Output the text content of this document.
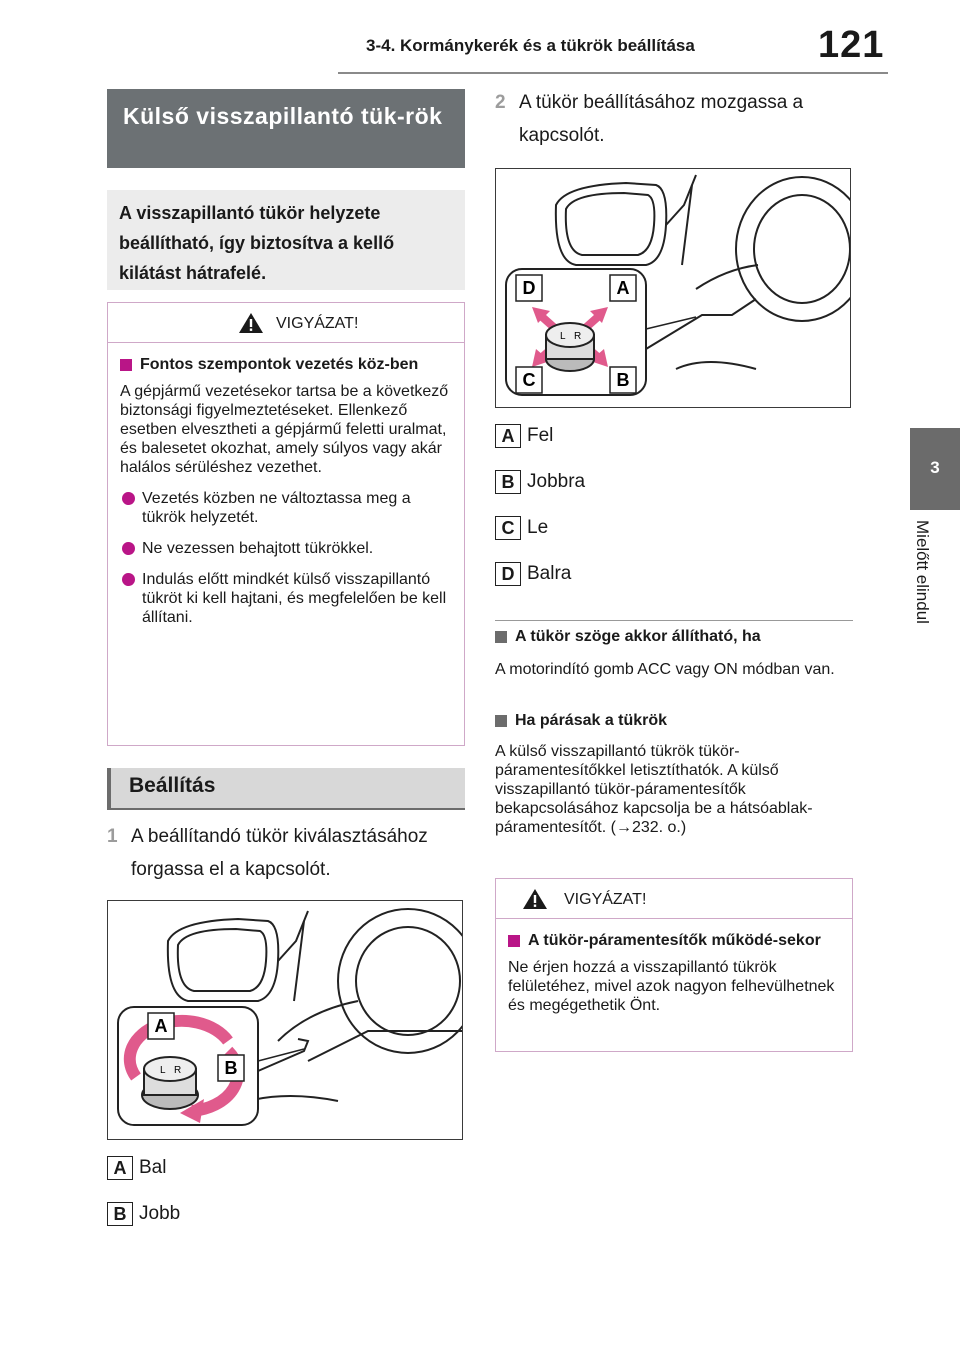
3-4. Kormánykerék és a tükrök beállítása	121
3
Mielőtt elindul
Külső visszapillantó tük-rök
A visszapillantó tükör helyzete beállítható, így biztosítva a kellő kilátást hátrafelé.
VIGYÁZAT!
Fontos szempontok vezetés köz-ben
A gépjármű vezetésekor tartsa be a következő biztonsági figyelmeztetéseket. Ellenkező esetben elvesztheti a gépjármű feletti uralmat, és balesetet okozhat, amely súlyos vagy akár halálos sérüléshez vezethet.
Vezetés közben ne változtassa meg a tükrök helyzetét.
Ne vezessen behajtott tükrökkel.
Indulás előtt mindkét külső visszapillantó tükröt ki kell hajtani, és megfelelően be kell állítani.
Beállítás
1 A beállítandó tükör kiválasztásához forgassa el a kapcsolót.
L R
A
B
A Bal
B Jobb
2 A tükör beállításához mozgassa a kapcsolót.
L R
D	A
C	B
A Fel
B Jobbra
C Le
D Balra
A tükör szöge akkor állítható, ha
A motorindító gomb ACC vagy ON módban van.
Ha párásak a tükrök
A külső visszapillantó tükrök tükör-páramentesítőkkel letisztíthatók. A külső visszapillantó tükör-páramentesítők bekapcsolásához kapcsolja be a hátsóablak-páramentesítőt. (→232. o.)
VIGYÁZAT!
A tükör-páramentesítők működé-sekor
Ne érjen hozzá a visszapillantó tükrök felületéhez, mivel azok nagyon felhevülhetnek és megégethetik Önt.
